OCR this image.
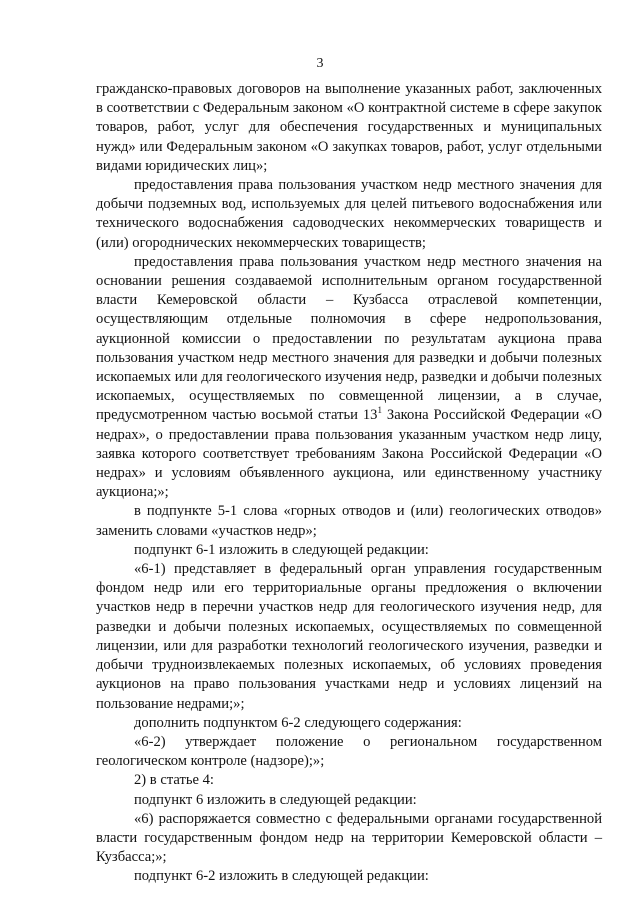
3

гражданско-правовых договоров на выполнение указанных работ, заключенных в соответствии с Федеральным законом «О контрактной системе в сфере закупок товаров, работ, услуг для обеспечения государственных и муниципальных нужд» или Федеральным законом «О закупках товаров, работ, услуг отдельными видами юридических лиц»;

предоставления права пользования участком недр местного значения для добычи подземных вод, используемых для целей питьевого водоснабжения или технического водоснабжения садоводческих некоммерческих товариществ и (или) огороднических некоммерческих товариществ;

предоставления права пользования участком недр местного значения на основании решения создаваемой исполнительным органом государственной власти Кемеровской области – Кузбасса отраслевой компетенции, осуществляющим отдельные полномочия в сфере недропользования, аукционной комиссии о предоставлении по результатам аукциона права пользования участком недр местного значения для разведки и добычи полезных ископаемых или для геологического изучения недр, разведки и добычи полезных ископаемых, осуществляемых по совмещенной лицензии, а в случае, предусмотренном частью восьмой статьи $13^1$ Закона Российской Федерации «О недрах», о предоставлении права пользования указанным участком недр лицу, заявка которого соответствует требованиям Закона Российской Федерации «О недрах» и условиям объявленного аукциона, или единственному участнику аукциона;»;

в подпункте 5-1 слова «горных отводов и (или) геологических отводов» заменить словами «участков недр»;

подпункт 6-1 изложить в следующей редакции:

«6-1) представляет в федеральный орган управления государственным фондом недр или его территориальные органы предложения о включении участков недр в перечни участков недр для геологического изучения недр, для разведки и добычи полезных ископаемых, осуществляемых по совмещенной лицензии, или для разработки технологий геологического изучения, разведки и добычи трудноизвлекаемых полезных ископаемых, об условиях проведения аукционов на право пользования участками недр и условиях лицензий на пользование недрами;»;

дополнить подпунктом 6-2 следующего содержания:

«6-2) утверждает положение о региональном государственном геологическом контроле (надзоре);»;

2) в статье 4:

подпункт 6 изложить в следующей редакции:

«6) распоряжается совместно с федеральными органами государственной власти государственным фондом недр на территории Кемеровской области – Кузбасса;»;

подпункт 6-2 изложить в следующей редакции:
